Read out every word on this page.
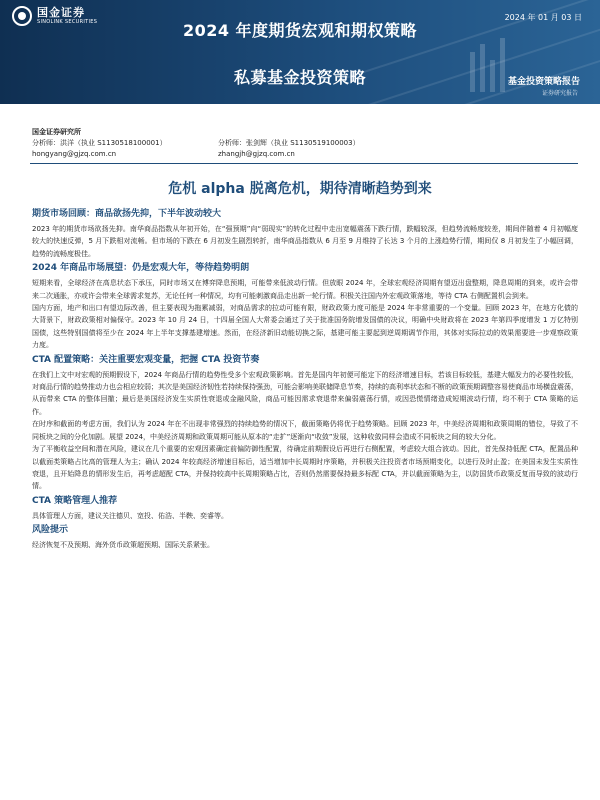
国金证券
SINOLINK SECURITIES	2024 年 01 月 03 日
2024 年度期货宏观和期权策略
私募基金投资策略	基金投资策略报告
证券研究报告
国金证券研究所
分析师：洪洋（执业 S1130518100001）	分析师：张剑辉（执业 S1130519100003）
hongyang@gjzq.com.cn	zhangjh@gjzq.com.cn
危机 alpha 脱离危机，期待清晰趋势到来
期货市场回顾：商品欲扬先抑，下半年波动较大
2023 年的期货市场欲扬先抑。南华商品指数从年初开始，在“强预期”向“弱现实”的转化过程中走出宽幅震荡下跌行情，跌幅较深，但趋势流畅度较差，期间伴随着 4 月初幅度较大的快速反弹，5 月下跌相对流畅。但市场的下跌在 6 月初发生剧烈转折，南华商品指数从 6 月至 9 月维持了长达 3 个月的上涨趋势行情，期间仅 8 月初发生了小幅回调，趋势的流畅度极佳。
2024 年商品市场展望：仍是宏观大年，等待趋势明朗
短期来看，全球经济在高息状态下承压，同时市场又在博弈降息预期，可能带来低波动行情。但放眼 2024 年，全球宏观经济周期有望迈出盘整期，降息周期的到来，或许会带来二次通胀，亦或许会带来全球需求复苏，无论任何一种情况，均有可能刺激商品走出新一轮行情。积极关注国内外宏观政策落地，等待 CTA 右侧配置机会到来。
国内方面，地产和出口有望边际改善，但主要表现为拖累减弱，对商品需求的拉动可能有限，财政政策力度可能是 2024 年非常重要的一个变量。回顾 2023 年，在地方化债的大背景下，财政政策相对偏保守。2023 年 10 月 24 日，十四届全国人大常委会通过了关于批准国务院增发国债的决议，明确中央财政将在 2023 年第四季度增发 1 万亿特别国债，这些特别国债将至少在 2024 年上半年支撑基建增速。然而，在经济新旧动能切换之际，基建可能主要起到逆周期调节作用，其体对实际拉动的效果需要进一步观察政策力度。
CTA 配置策略：关注重要宏观变量，把握 CTA 投资节奏
在我们上文中对宏观的预期假设下，2024 年商品行情的趋势性受多个宏观政策影响。首先是国内年初便可能定下的经济增速目标，若该目标较低，基建大幅发力的必要性较低，对商品行情的趋势推动力也会相应较弱；其次是美国经济韧性若持续保持强劲，可能会影响美联储降息节奏，持续的高利率状态和不断的政策预期调整容易使商品市场横盘震荡，从而带来 CTA 的整体回撤；最后是美国经济发生实质性衰退或金融风险，商品可能因需求衰退带来偏弱震荡行情，或因恐慌情绪造成短期波动行情，均不利于 CTA 策略的运作。
在时序和截面的考虑方面，我们认为 2024 年在不出现非常强烈的持续趋势的情况下，截面策略仍将优于趋势策略。回顾 2023 年，中美经济周期和政策周期的错位，导致了不同板块之间的分化加剧。展望 2024，中美经济周期和政策周期可能从原本的“走扩”逐渐向“收敛”发展，这种收敛同样会造成不同板块之间的较大分化。
为了平衡收益空间和潜在风险，建议在几个重要的宏观因素确定前偏防御性配置，待确定前期假设后再进行右侧配置，考虑较大组合波动。因此，首先保持低配 CTA，配置品种以截面类策略占比高的管理人为主；确认 2024 年较高经济增速目标后，适当增加中长周期时序策略，并积极关注投资者市场预期变化，以进行及时止盈；在美国未发生实质性衰退，且开始降息的情形发生后，再考虑超配 CTA，并保持较高中长周期策略占比，否则仍然需要保持最多标配 CTA，并以截面策略为主，以防国货币政策反复而导致的波动行情。
CTA 策略管理人推荐
具体管理人方面，建议关注德贝、宽投、佑浩、半鞅、奕睿等。
风险提示
经济恢复不及预期、海外货币政策超预期、国际关系紧张。
